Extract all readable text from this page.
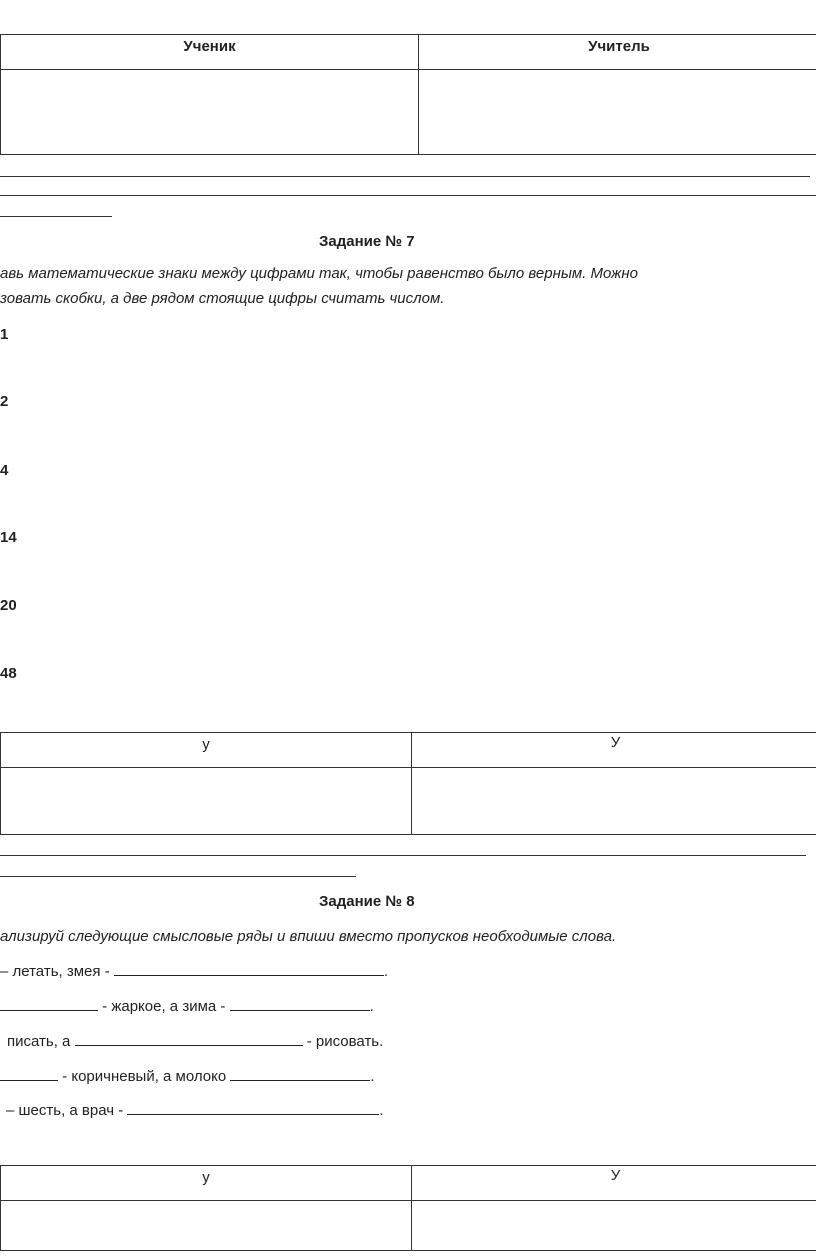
Ученик	Учитель

Задание № 7
авь математические знаки между цифрами так, чтобы равенство было верным. Можно
зовать скобки, а две рядом стоящие цифры считать числом.
1
2
4
14
20
48
у	У

Задание № 8
ализируй следующие смысловые ряды и впиши вместо пропусков необходимые слова.
– летать, змея -	.
- жаркое, а зима -	.
писать, а	- рисовать.
- коричневый, а молоко	.
– шесть, а врач -	.
у	У
